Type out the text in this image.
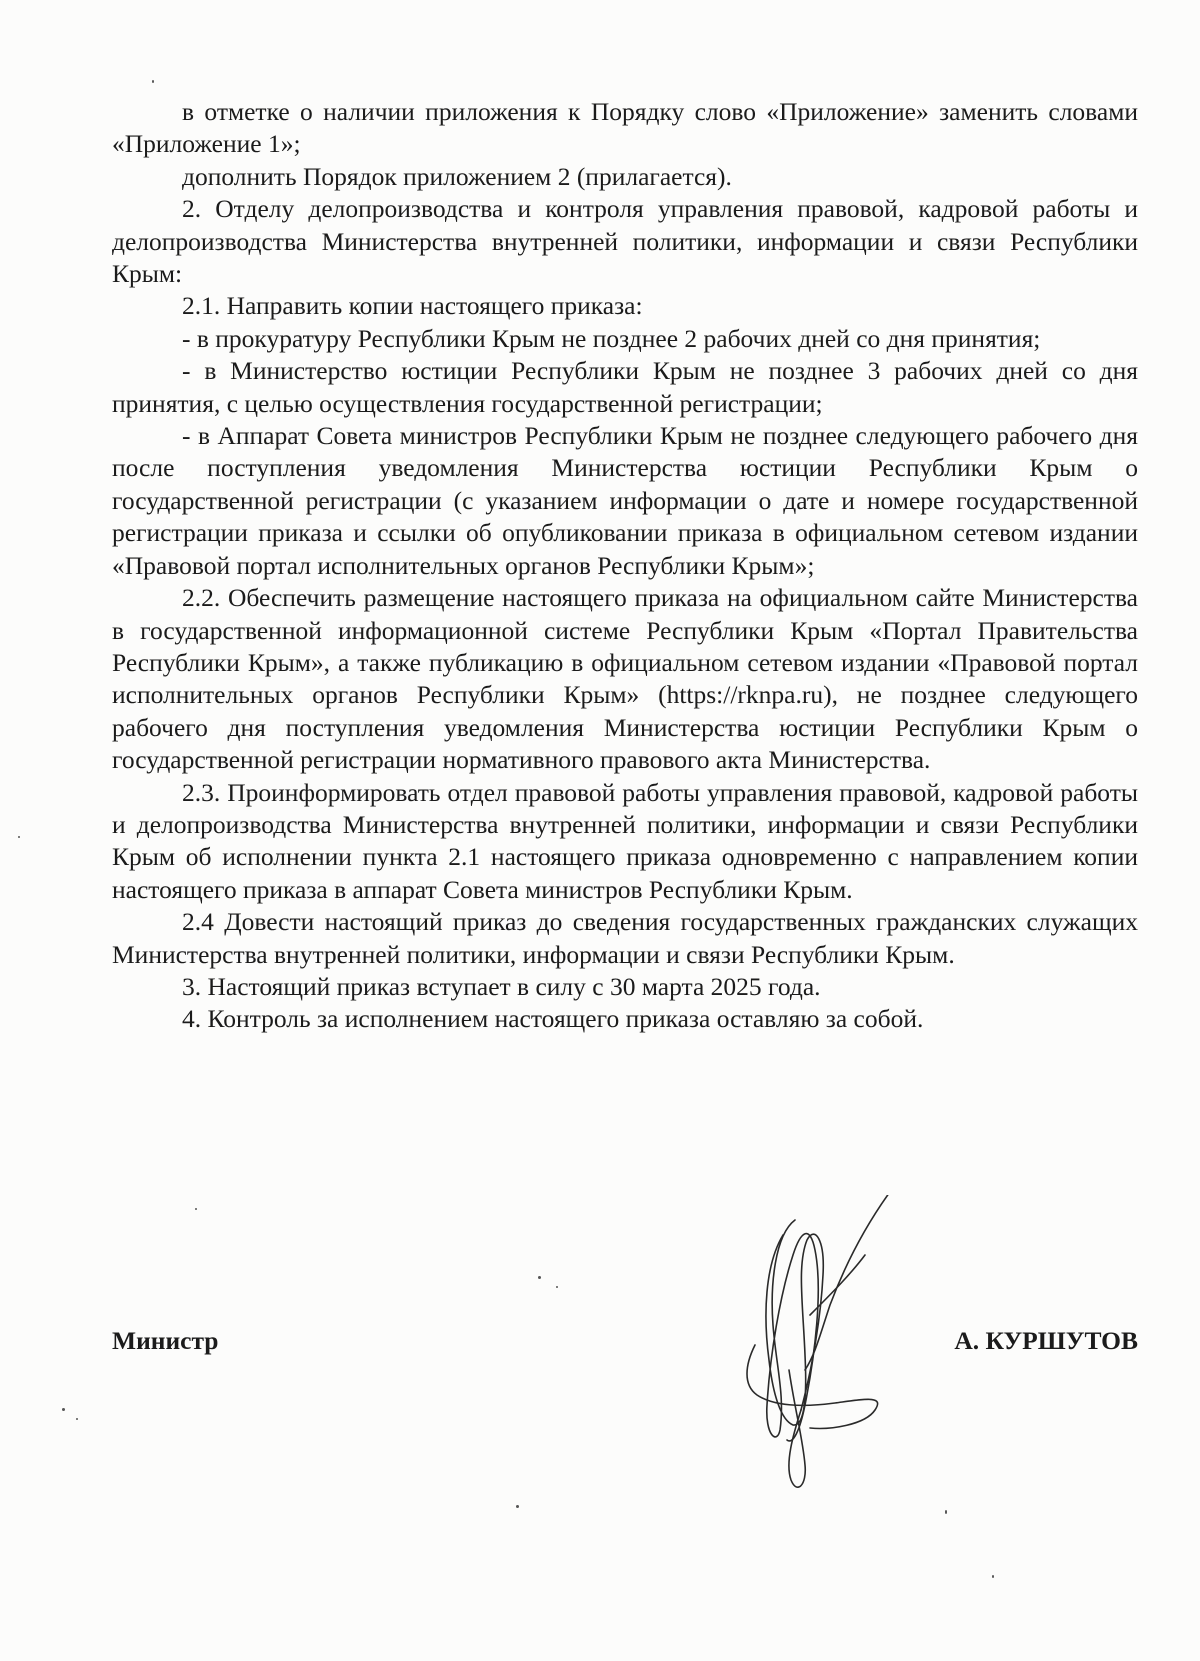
в отметке о наличии приложения к Порядку слово «Приложение» заменить словами «Приложение 1»;

дополнить Порядок приложением 2 (прилагается).

2. Отделу делопроизводства и контроля управления правовой, кадровой работы и делопроизводства Министерства внутренней политики, информации и связи Республики Крым:

2.1. Направить копии настоящего приказа:

- в прокуратуру Республики Крым не позднее 2 рабочих дней со дня принятия;

- в Министерство юстиции Республики Крым не позднее 3 рабочих дней со дня принятия, с целью осуществления государственной регистрации;

- в Аппарат Совета министров Республики Крым не позднее следующего рабочего дня после поступления уведомления Министерства юстиции Республики Крым о государственной регистрации (с указанием информации о дате и номере государственной регистрации приказа и ссылки об опубликовании приказа в официальном сетевом издании «Правовой портал исполнительных органов Республики Крым»;

2.2. Обеспечить размещение настоящего приказа на официальном сайте Министерства в государственной информационной системе Республики Крым «Портал Правительства Республики Крым», а также публикацию в официальном сетевом издании «Правовой портал исполнительных органов Республики Крым» (https://rknpa.ru), не позднее следующего рабочего дня поступления уведомления Министерства юстиции Республики Крым о государственной регистрации нормативного правового акта Министерства.

2.3. Проинформировать отдел правовой работы управления правовой, кадровой работы и делопроизводства Министерства внутренней политики, информации и связи Республики Крым об исполнении пункта 2.1 настоящего приказа одновременно с направлением копии настоящего приказа в аппарат Совета министров Республики Крым.

2.4 Довести настоящий приказ до сведения государственных гражданских служащих Министерства внутренней политики, информации и связи Республики Крым.

3. Настоящий приказ вступает в силу с 30 марта 2025 года.

4. Контроль за исполнением настоящего приказа оставляю за собой.

Министр	А. КУРШУТОВ
